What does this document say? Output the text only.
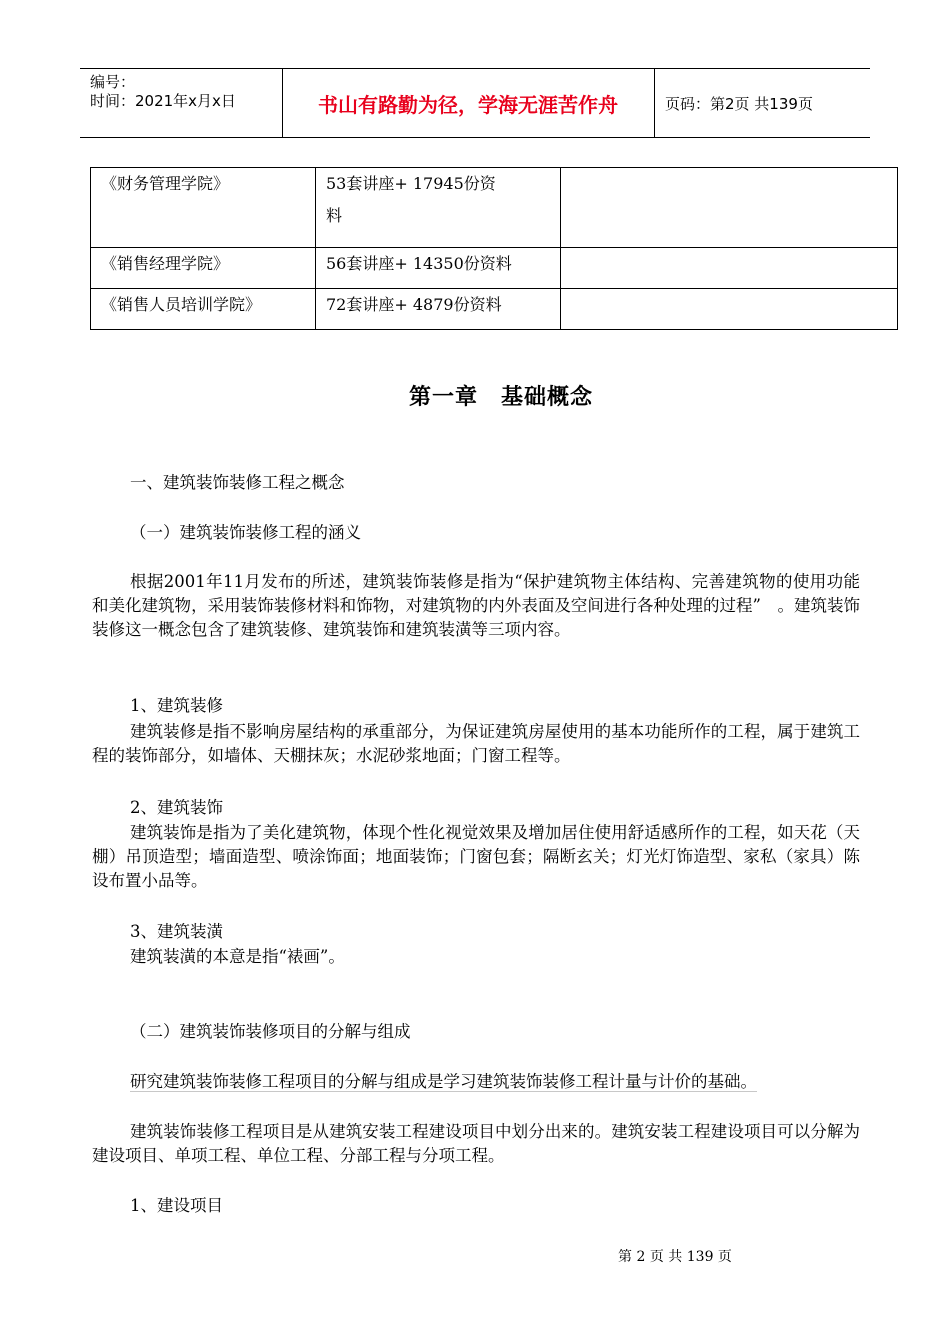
编号：
时间：2021年x月x日	书山有路勤为径，学海无涯苦作舟	页码：第2页 共139页
《财务管理学院》	53套讲座+ 17945份资
料	

《销售经理学院》	56套讲座+ 14350份资料	

《销售人员培训学院》	72套讲座+ 4879份资料	

第一章　基础概念
一、建筑装饰装修工程之概念
（一）建筑装饰装修工程的涵义
根据2001年11月发布的所述，建筑装饰装修是指为“保护建筑物主体结构、完善建筑物的使用功能和美化建筑物，采用装饰装修材料和饰物，对建筑物的内外表面及空间进行各种处理的过程”　。建筑装饰装修这一概念包含了建筑装修、建筑装饰和建筑装潢等三项内容。
1、建筑装修
建筑装修是指不影响房屋结构的承重部分，为保证建筑房屋使用的基本功能所作的工程，属于建筑工程的装饰部分，如墙体、天棚抹灰；水泥砂浆地面；门窗工程等。
2、建筑装饰
建筑装饰是指为了美化建筑物，体现个性化视觉效果及增加居住使用舒适感所作的工程，如天花（天棚）吊顶造型；墙面造型、喷涂饰面；地面装饰；门窗包套；隔断玄关；灯光灯饰造型、家私（家具）陈设布置小品等。
3、建筑装潢
建筑装潢的本意是指“裱画”。
（二）建筑装饰装修项目的分解与组成
研究建筑装饰装修工程项目的分解与组成是学习建筑装饰装修工程计量与计价的基础。
建筑装饰装修工程项目是从建筑安装工程建设项目中划分出来的。建筑安装工程建设项目可以分解为建设项目、单项工程、单位工程、分部工程与分项工程。
1、建设项目
第 2 页 共 139 页
